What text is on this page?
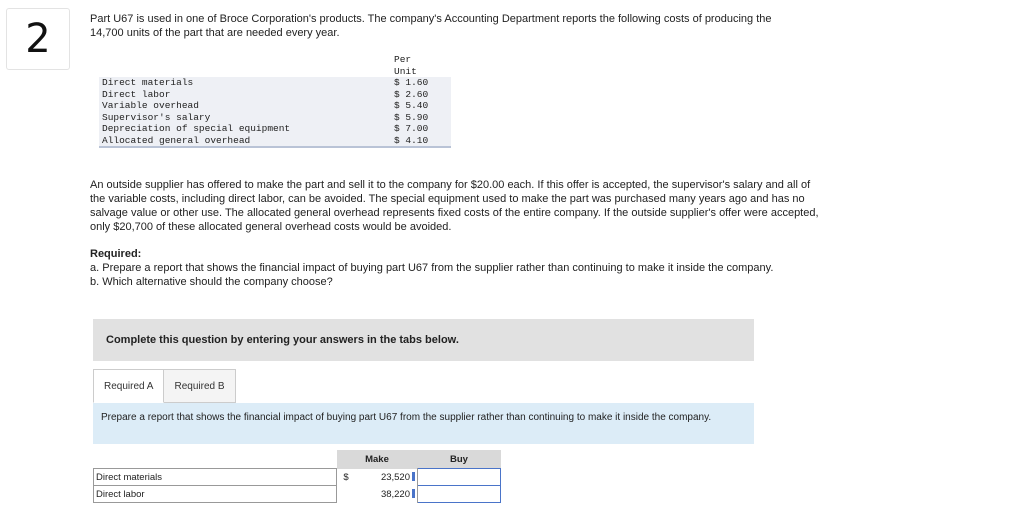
2	Part U67 is used in one of Broce Corporation's products. The company's Accounting Department reports the following costs of producing the 14,700 units of the part that are needed every year.
	Per
	Unit
Direct materials	$ 1.60
Direct labor	$ 2.60
Variable overhead	$ 5.40
Supervisor's salary	$ 5.90
Depreciation of special equipment	$ 7.00
Allocated general overhead	$ 4.10

An outside supplier has offered to make the part and sell it to the company for $20.00 each. If this offer is accepted, the supervisor's salary and all of the variable costs, including direct labor, can be avoided. The special equipment used to make the part was purchased many years ago and has no salvage value or other use. The allocated general overhead represents fixed costs of the entire company. If the outside supplier's offer were accepted, only $20,700 of these allocated general overhead costs would be avoided.
Required:
a. Prepare a report that shows the financial impact of buying part U67 from the supplier rather than continuing to make it inside the company.
b. Which alternative should the company choose?
Complete this question by entering your answers in the tabs below.
Required A	Required B
Prepare a report that shows the financial impact of buying part U67 from the supplier rather than continuing to make it inside the company.
	Make		Buy
Direct materials	$	23,520	
Direct labor		38,220	
